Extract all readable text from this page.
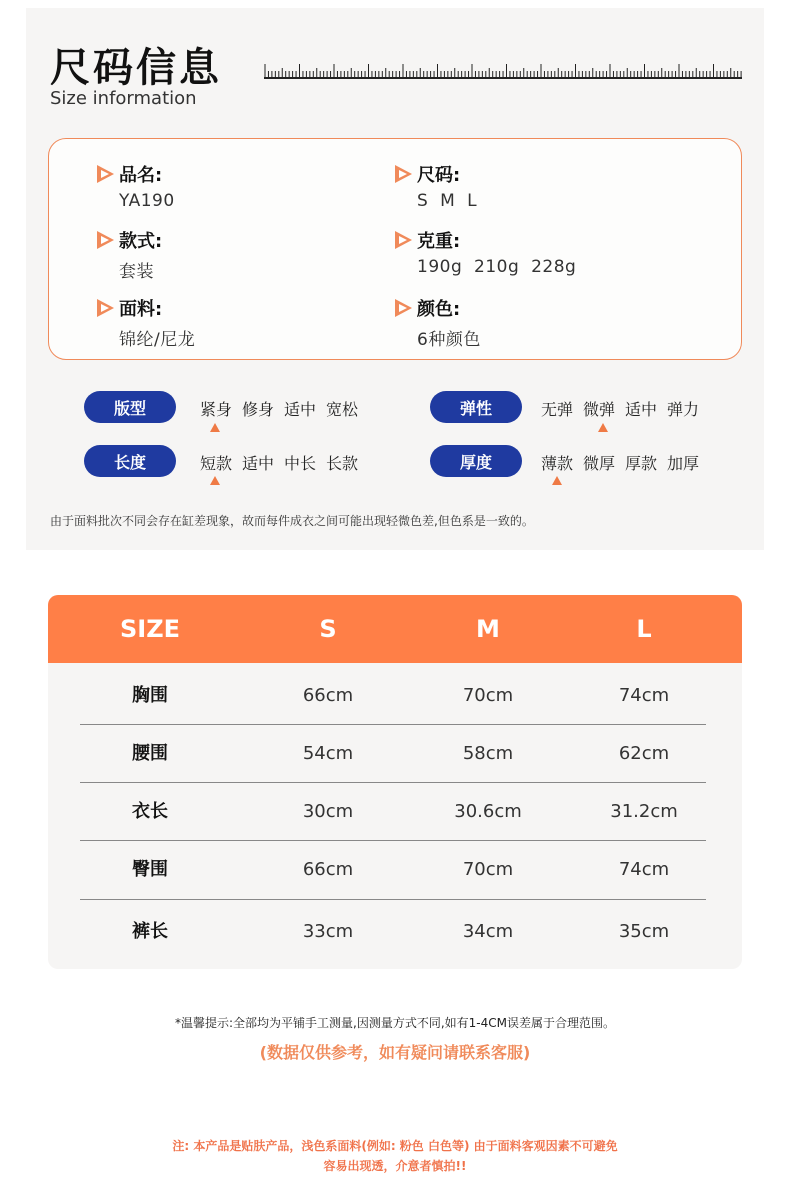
尺码信息
Size information
品名:
YA190
尺码:
S  M  L
款式:
套装
克重:
190g  210g  228g
面料:
锦纶/尼龙
颜色:
6种颜色
版型	紧身 修身 适中 宽松	弹性	无弹 微弹 适中 弹力
长度	短款 适中 中长 长款	厚度	薄款 微厚 厚款 加厚
由于面料批次不同会存在缸差现象，故而每件成衣之间可能出现轻微色差,但色系是一致的。
SIZE	S	M	L
胸围	66cm	70cm	74cm
腰围	54cm	58cm	62cm
衣长	30cm	30.6cm	31.2cm
臀围	66cm	70cm	74cm
裤长	33cm	34cm	35cm
*温馨提示:全部均为平铺手工测量,因测量方式不同,如有1-4CM误差属于合理范围。
(数据仅供参考，如有疑问请联系客服)
注: 本产品是贴肤产品，浅色系面料(例如: 粉色 白色等) 由于面料客观因素不可避免
容易出现透，介意者慎拍!!
